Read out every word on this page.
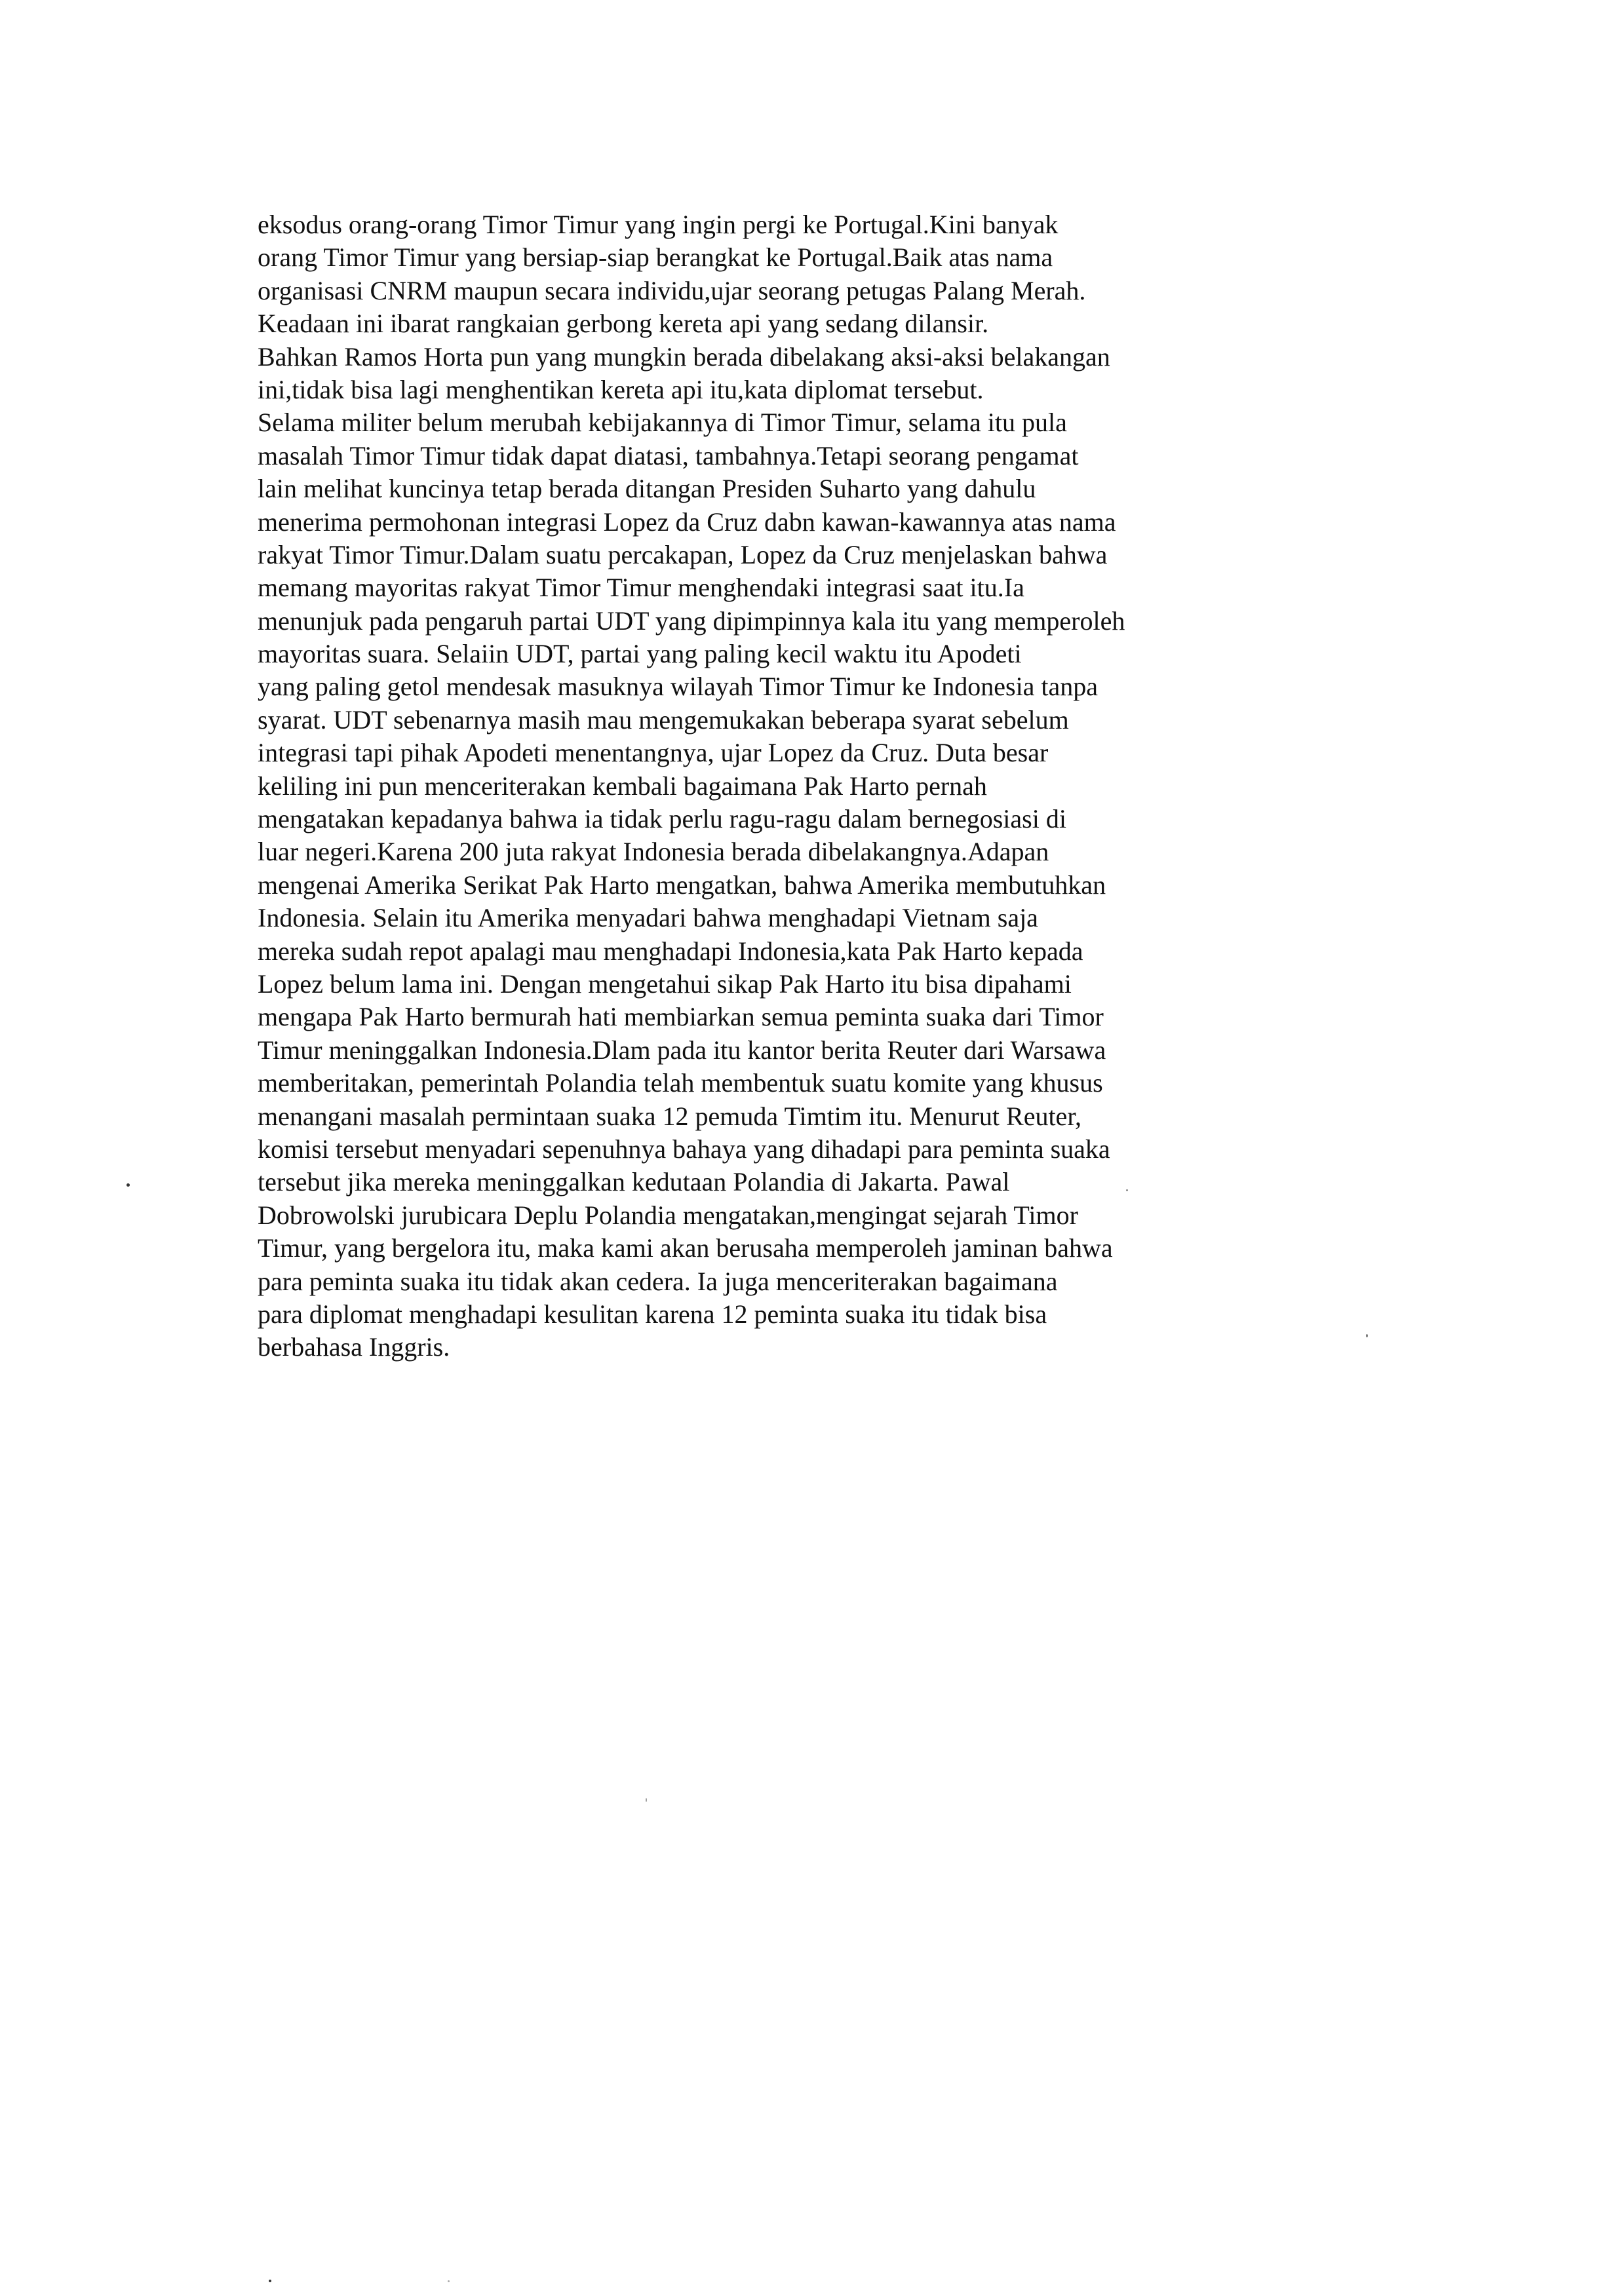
eksodus orang-orang Timor Timur yang ingin pergi ke Portugal.Kini banyak
orang Timor Timur yang bersiap-siap berangkat ke Portugal.Baik atas nama
organisasi CNRM maupun secara individu,ujar seorang petugas Palang Merah.
Keadaan ini ibarat rangkaian gerbong kereta api yang sedang dilansir.
Bahkan Ramos Horta pun yang mungkin berada dibelakang aksi-aksi belakangan
ini,tidak bisa lagi menghentikan kereta api itu,kata diplomat tersebut.
Selama militer belum merubah kebijakannya di Timor Timur, selama itu pula
masalah Timor Timur tidak dapat diatasi, tambahnya.Tetapi seorang pengamat
lain melihat kuncinya tetap berada ditangan Presiden Suharto yang dahulu
menerima permohonan integrasi Lopez da Cruz dabn kawan-kawannya atas nama
rakyat Timor Timur.Dalam suatu percakapan, Lopez da Cruz menjelaskan bahwa
memang mayoritas rakyat Timor Timur menghendaki integrasi saat itu.Ia
menunjuk pada pengaruh partai UDT yang dipimpinnya kala itu yang memperoleh
mayoritas suara. Selaiin UDT, partai yang paling kecil waktu itu Apodeti
yang paling getol mendesak masuknya wilayah Timor Timur ke Indonesia tanpa
syarat. UDT sebenarnya masih mau mengemukakan beberapa syarat sebelum
integrasi tapi pihak Apodeti menentangnya, ujar Lopez da Cruz. Duta besar
keliling ini pun menceriterakan kembali bagaimana Pak Harto pernah
mengatakan kepadanya bahwa ia tidak perlu ragu-ragu dalam bernegosiasi di
luar negeri.Karena 200 juta rakyat Indonesia berada dibelakangnya.Adapan
mengenai Amerika Serikat Pak Harto mengatkan, bahwa Amerika membutuhkan
Indonesia. Selain itu Amerika menyadari bahwa menghadapi Vietnam saja
mereka sudah repot apalagi mau menghadapi Indonesia,kata Pak Harto kepada
Lopez belum lama ini. Dengan mengetahui sikap Pak Harto itu bisa dipahami
mengapa Pak Harto bermurah hati membiarkan semua peminta suaka dari Timor
Timur meninggalkan Indonesia.Dlam pada itu kantor berita Reuter dari Warsawa
memberitakan, pemerintah Polandia telah membentuk suatu komite yang khusus
menangani masalah permintaan suaka 12 pemuda Timtim itu. Menurut Reuter,
komisi tersebut menyadari sepenuhnya bahaya yang dihadapi para peminta suaka
tersebut jika mereka meninggalkan kedutaan Polandia di Jakarta. Pawal
Dobrowolski jurubicara Deplu Polandia mengatakan,mengingat sejarah Timor
Timur, yang bergelora itu, maka kami akan berusaha memperoleh jaminan bahwa
para peminta suaka itu tidak akan cedera. Ia juga menceriterakan bagaimana
para diplomat menghadapi kesulitan karena 12 peminta suaka itu tidak bisa
berbahasa Inggris.
